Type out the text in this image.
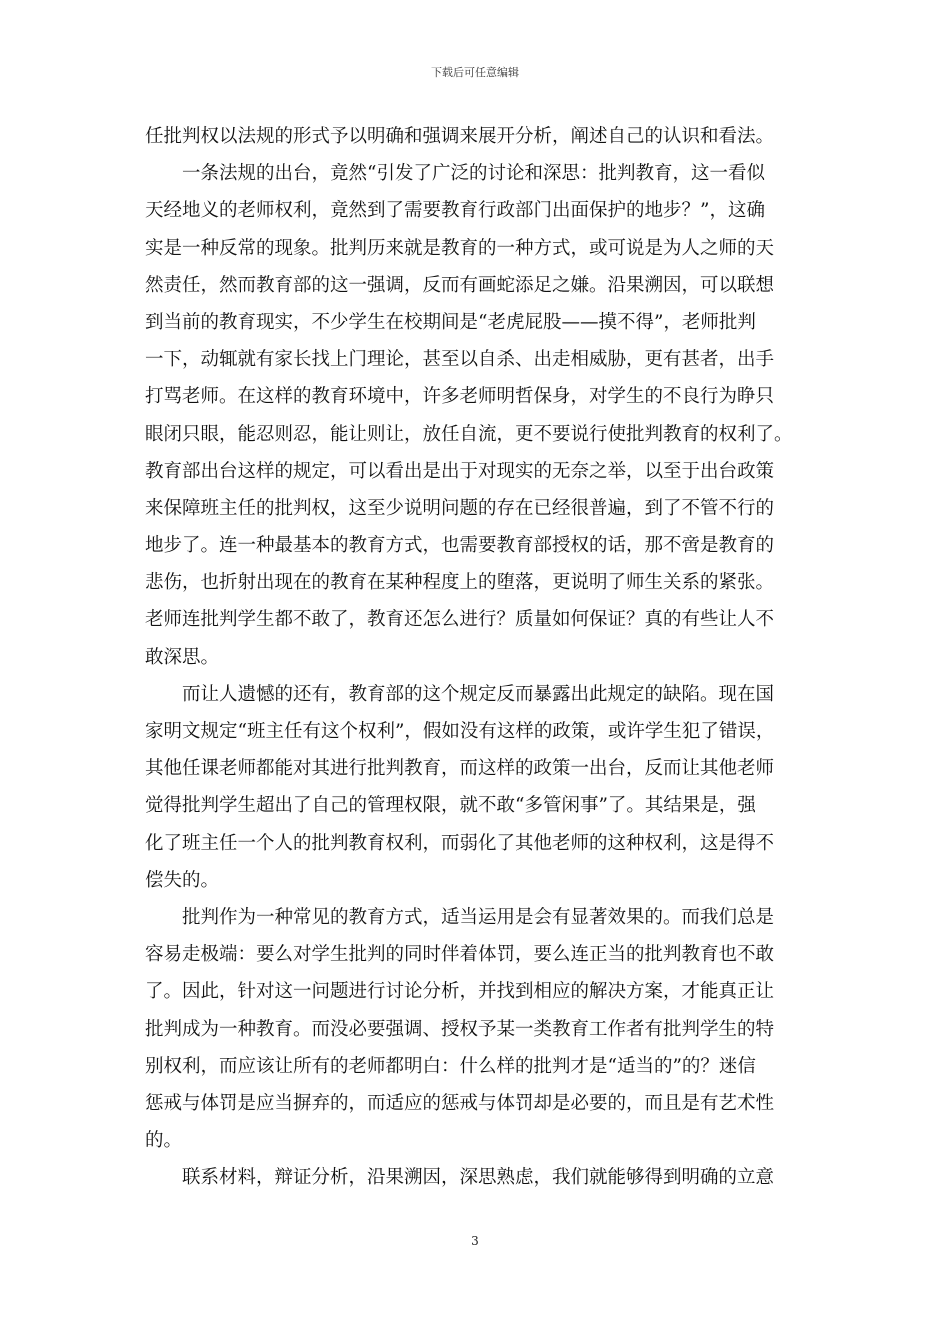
下载后可任意编辑
任批判权以法规的形式予以明确和强调来展开分析，阐述自己的认识和看法。
一条法规的出台，竟然“引发了广泛的讨论和深思：批判教育，这一看似
天经地义的老师权利，竟然到了需要教育行政部门出面保护的地步？”，这确
实是一种反常的现象。批判历来就是教育的一种方式，或可说是为人之师的天
然责任，然而教育部的这一强调，反而有画蛇添足之嫌。沿果溯因，可以联想
到当前的教育现实，不少学生在校期间是“老虎屁股——摸不得”，老师批判
一下，动辄就有家长找上门理论，甚至以自杀、出走相威胁，更有甚者，出手
打骂老师。在这样的教育环境中，许多老师明哲保身，对学生的不良行为睁只
眼闭只眼，能忍则忍，能让则让，放任自流，更不要说行使批判教育的权利了。
教育部出台这样的规定，可以看出是出于对现实的无奈之举，以至于出台政策
来保障班主任的批判权，这至少说明问题的存在已经很普遍，到了不管不行的
地步了。连一种最基本的教育方式，也需要教育部授权的话，那不啻是教育的
悲伤，也折射出现在的教育在某种程度上的堕落，更说明了师生关系的紧张。
老师连批判学生都不敢了，教育还怎么进行？质量如何保证？真的有些让人不
敢深思。
而让人遗憾的还有，教育部的这个规定反而暴露出此规定的缺陷。现在国
家明文规定“班主任有这个权利”，假如没有这样的政策，或许学生犯了错误，
其他任课老师都能对其进行批判教育，而这样的政策一出台，反而让其他老师
觉得批判学生超出了自己的管理权限，就不敢“多管闲事”了。其结果是，强
化了班主任一个人的批判教育权利，而弱化了其他老师的这种权利，这是得不
偿失的。
批判作为一种常见的教育方式，适当运用是会有显著效果的。而我们总是
容易走极端：要么对学生批判的同时伴着体罚，要么连正当的批判教育也不敢
了。因此，针对这一问题进行讨论分析，并找到相应的解决方案，才能真正让
批判成为一种教育。而没必要强调、授权予某一类教育工作者有批判学生的特
别权利，而应该让所有的老师都明白：什么样的批判才是“适当的”的？迷信
惩戒与体罚是应当摒弃的，而适应的惩戒与体罚却是必要的，而且是有艺术性
的。
联系材料，辩证分析，沿果溯因，深思熟虑，我们就能够得到明确的立意
3
